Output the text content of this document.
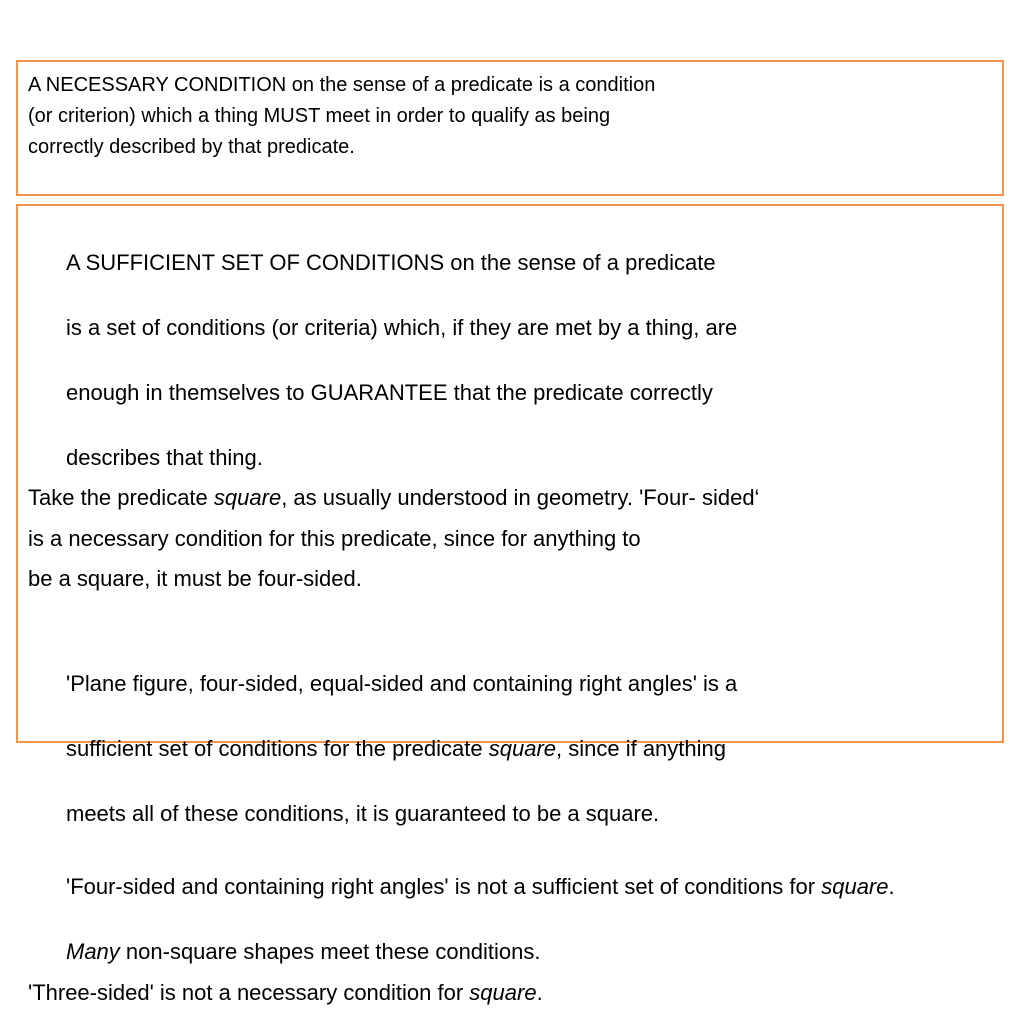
A NECESSARY CONDITION on the sense of a predicate is a condition
(or criterion) which a thing MUST meet in order to qualify as being
correctly described by that predicate.

A SUFFICIENT SET OF CONDITIONS on the sense of a predicate

is a set of conditions (or criteria) which, if they are met by a thing, are

enough in themselves to GUARANTEE that the predicate correctly

describes that thing.

Take the predicate square, as usually understood in geometry. 'Four- sided‘
is a necessary condition for this predicate, since for anything to
be a square, it must be four-sided.

'Plane figure, four-sided, equal-sided and containing right angles' is a

sufficient set of conditions for the predicate square, since if anything

meets all of these conditions, it is guaranteed to be a square.

'Four-sided and containing right angles' is not a sufficient set of conditions for square.

Many non-square shapes meet these conditions.

'Three-sided' is not a necessary condition for square.
